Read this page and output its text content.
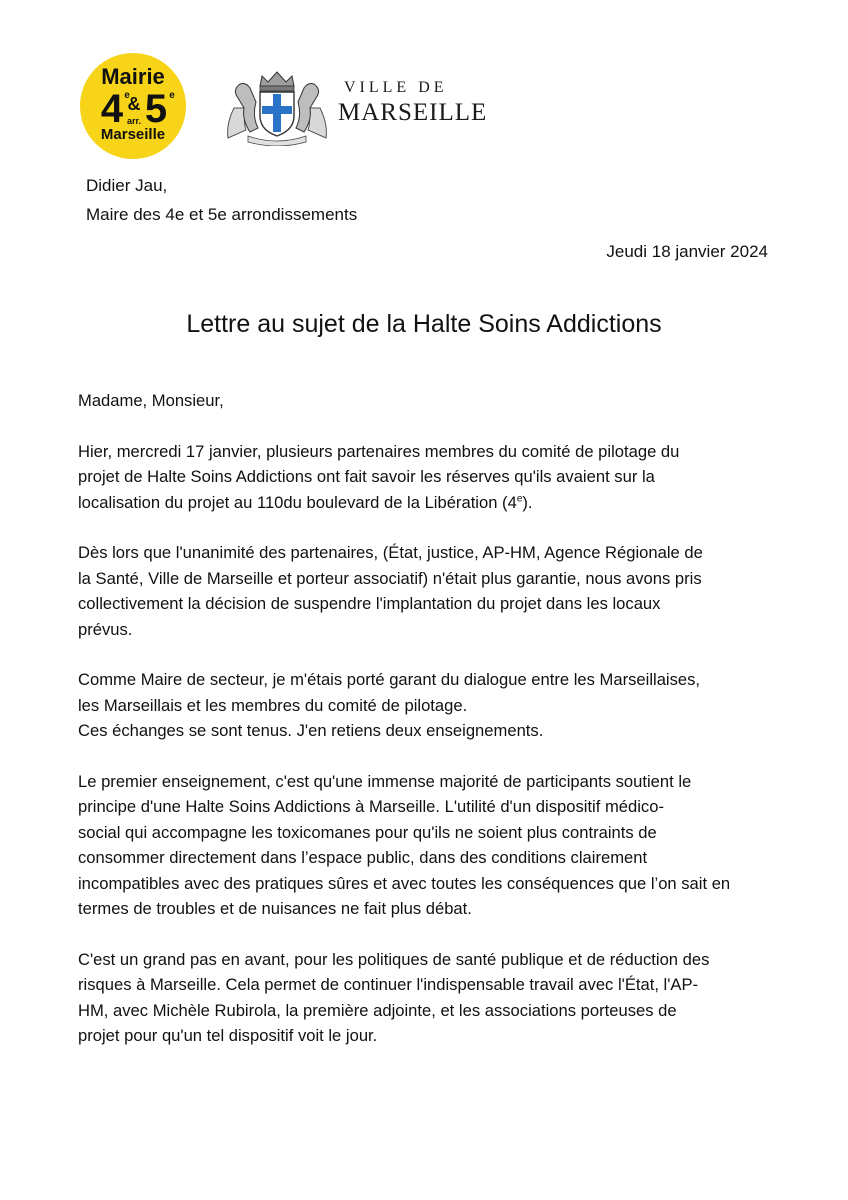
Mairie
4 e
& 5 e
arr.
Marseille
VILLE DE
MARSEILLE
Didier Jau,
Maire des 4e et 5e arrondissements
Jeudi 18 janvier 2024
Lettre au sujet de la Halte Soins Addictions

Madame, Monsieur,

Hier, mercredi 17 janvier, plusieurs partenaires membres du comité de pilotage du
projet de Halte Soins Addictions ont fait savoir les réserves qu'ils avaient sur la
localisation du projet au 110du boulevard de la Libération (4e).

Dès lors que l'unanimité des partenaires, (État, justice, AP-HM, Agence Régionale de
la Santé, Ville de Marseille et porteur associatif) n'était plus garantie, nous avons pris
collectivement la décision de suspendre l'implantation du projet dans les locaux
prévus.

Comme Maire de secteur, je m'étais porté garant du dialogue entre les Marseillaises,
les Marseillais et les membres du comité de pilotage.
Ces échanges se sont tenus. J'en retiens deux enseignements.

Le premier enseignement, c'est qu'une immense majorité de participants soutient le
principe d'une Halte Soins Addictions à Marseille. L'utilité d'un dispositif médico-
social qui accompagne les toxicomanes pour qu'ils ne soient plus contraints de
consommer directement dans l’espace public, dans des conditions clairement
incompatibles avec des pratiques sûres et avec toutes les conséquences que l’on sait en
termes de troubles et de nuisances ne fait plus débat.

C'est un grand pas en avant, pour les politiques de santé publique et de réduction des
risques à Marseille. Cela permet de continuer l'indispensable travail avec l'État, l'AP-
HM, avec Michèle Rubirola, la première adjointe, et les associations porteuses de
projet pour qu'un tel dispositif voit le jour.
